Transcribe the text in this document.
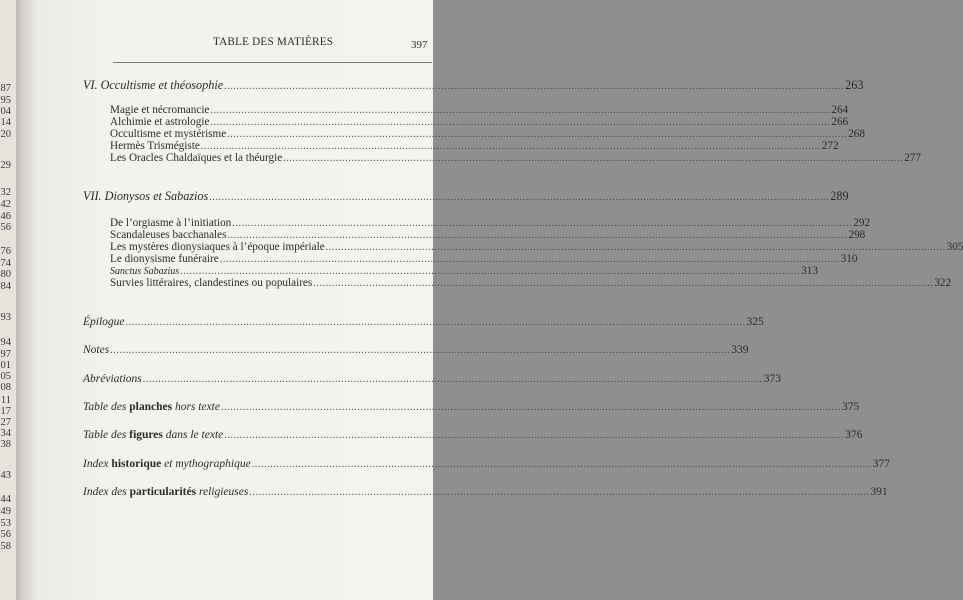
87
95
04
14
20
29
32
42
46
56
76
74
80
84
93
94
97
01
05
08
11
17
27
34
38
43
44
49
53
56
58
TABLE DES MATIÈRES	397
VI. Occultisme et théosophie ........................................................................................................................................................................................................ 263
Magie et nécromancie ........................................................................................................................................................................................................ 264
Alchimie et astrologie ........................................................................................................................................................................................................ 266
Occultisme et mystérisme ........................................................................................................................................................................................................ 268
Hermès Trismégiste ........................................................................................................................................................................................................ 272
Les Oracles Chaldaïques et la théurgie ........................................................................................................................................................................................................ 277
VII. Dionysos et Sabazios ........................................................................................................................................................................................................ 289
De l’orgiasme à l’initiation ........................................................................................................................................................................................................ 292
Scandaleuses bacchanales ........................................................................................................................................................................................................ 298
Les mystères dionysiaques à l’époque impériale ........................................................................................................................................................................................................ 305
Le dionysisme funéraire ........................................................................................................................................................................................................ 310
Sanctus Sabazius ........................................................................................................................................................................................................ 313
Survies littéraires, clandestines ou populaires ........................................................................................................................................................................................................ 322
Épilogue ........................................................................................................................................................................................................ 325
Notes ........................................................................................................................................................................................................ 339
Abréviations ........................................................................................................................................................................................................ 373
Table des planches hors texte ........................................................................................................................................................................................................ 375
Table des figures dans le texte ........................................................................................................................................................................................................ 376
Index historique et mythographique ........................................................................................................................................................................................................ 377
Index des particularités religieuses ........................................................................................................................................................................................................ 391
